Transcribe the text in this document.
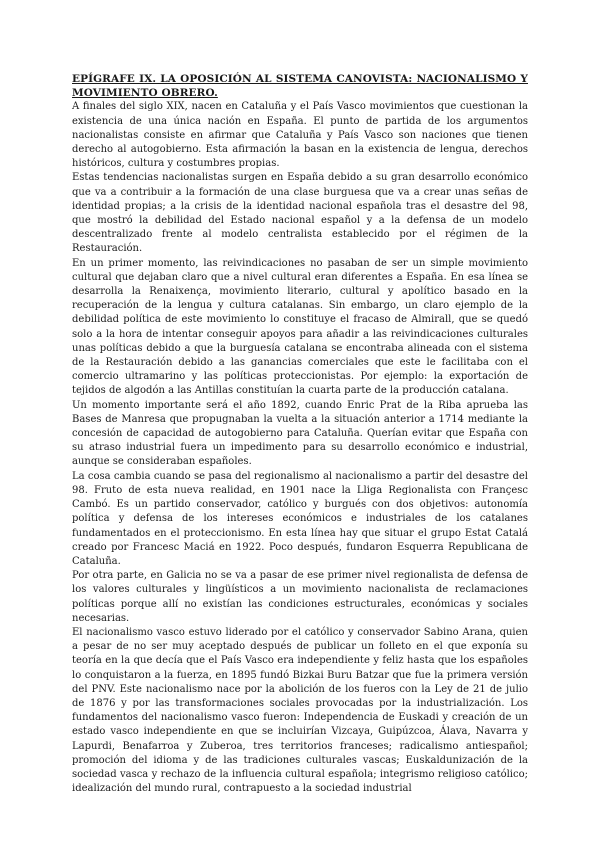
EPÍGRAFE IX. LA OPOSICIÓN AL SISTEMA CANOVISTA: NACIONALISMO Y MOVIMIENTO OBRERO.

A finales del siglo XIX, nacen en Cataluña y el País Vasco movimientos que cuestionan la existencia de una única nación en España. El punto de partida de los argumentos nacionalistas consiste en afirmar que Cataluña y País Vasco son naciones que tienen derecho al autogobierno. Esta afirmación la basan en la existencia de lengua, derechos históricos, cultura y costumbres propias.

Estas tendencias nacionalistas surgen en España debido a su gran desarrollo económico que va a contribuir a la formación de una clase burguesa que va a crear unas señas de identidad propias; a la crisis de la identidad nacional española tras el desastre del 98, que mostró la debilidad del Estado nacional español y a la defensa de un modelo descentralizado frente al modelo centralista establecido por el régimen de la Restauración.

En un primer momento, las reivindicaciones no pasaban de ser un simple movimiento cultural que dejaban claro que a nivel cultural eran diferentes a España. En esa línea se desarrolla la Renaixença, movimiento literario, cultural y apolítico basado en la recuperación de la lengua y cultura catalanas. Sin embargo, un claro ejemplo de la debilidad política de este movimiento lo constituye el fracaso de Almirall, que se quedó solo a la hora de intentar conseguir apoyos para añadir a las reivindicaciones culturales unas políticas debido a que la burguesía catalana se encontraba alineada con el sistema de la Restauración debido a las ganancias comerciales que este le facilitaba con el comercio ultramarino y las políticas proteccionistas. Por ejemplo: la exportación de tejidos de algodón a las Antillas constituían la cuarta parte de la producción catalana.

Un momento importante será el año 1892, cuando Enric Prat de la Riba aprueba las Bases de Manresa que propugnaban la vuelta a la situación anterior a 1714 mediante la concesión de capacidad de autogobierno para Cataluña. Querían evitar que España con su atraso industrial fuera un impedimento para su desarrollo económico e industrial, aunque se consideraban españoles.

La cosa cambia cuando se pasa del regionalismo al nacionalismo a partir del desastre del 98. Fruto de esta nueva realidad, en 1901 nace la Lliga Regionalista con Françesc Cambó. Es un partido conservador, católico y burgués con dos objetivos: autonomía política y defensa de los intereses económicos e industriales de los catalanes fundamentados en el proteccionismo. En esta línea hay que situar el grupo Estat Catalá creado por Francesc Maciá en 1922. Poco después, fundaron Esquerra Republicana de Cataluña.

Por otra parte, en Galicia no se va a pasar de ese primer nivel regionalista de defensa de los valores culturales y lingüísticos a un movimiento nacionalista de reclamaciones políticas porque allí no existían las condiciones estructurales, económicas y sociales necesarias.

El nacionalismo vasco estuvo liderado por el católico y conservador Sabino Arana, quien a pesar de no ser muy aceptado después de publicar un folleto en el que exponía su teoría en la que decía que el País Vasco era independiente y feliz hasta que los españoles lo conquistaron a la fuerza, en 1895 fundó Bizkai Buru Batzar que fue la primera versión del PNV. Este nacionalismo nace por la abolición de los fueros con la Ley de 21 de julio de 1876 y por las transformaciones sociales provocadas por la industrialización. Los fundamentos del nacionalismo vasco fueron: Independencia de Euskadi y creación de un estado vasco independiente en que se incluirían Vizcaya, Guipúzcoa, Álava, Navarra y Lapurdi, Benafarroa y Zuberoa, tres territorios franceses; radicalismo antiespañol; promoción del idioma y de las tradiciones culturales vascas; Euskaldunización de la sociedad vasca y rechazo de la influencia cultural española; integrismo religioso católico; idealización del mundo rural, contrapuesto a la sociedad industrial
